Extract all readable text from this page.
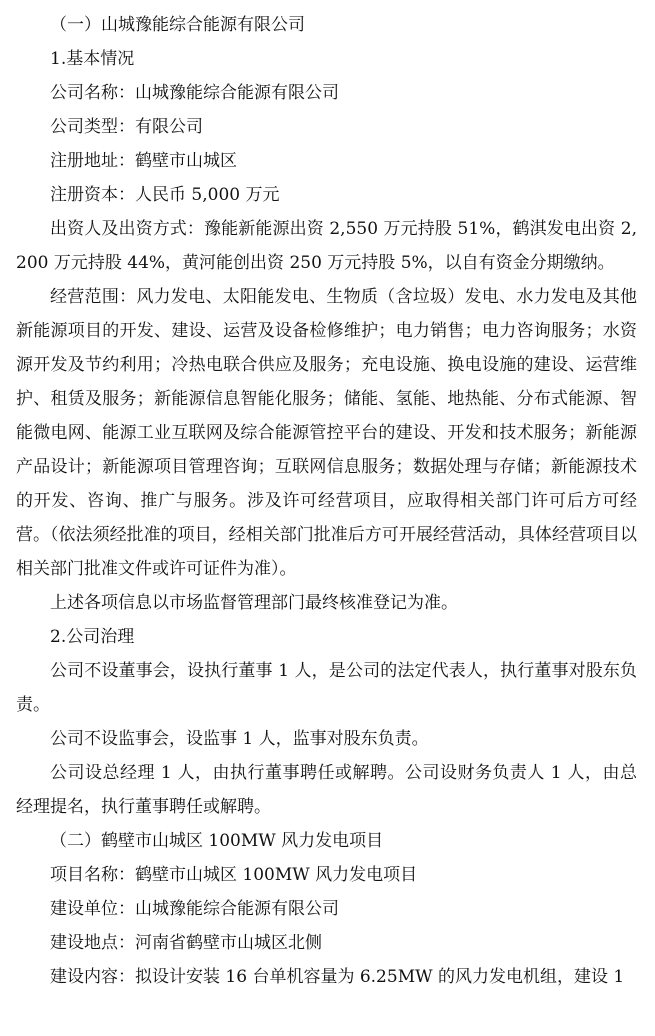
（一）山城豫能综合能源有限公司
1.基本情况
公司名称：山城豫能综合能源有限公司
公司类型：有限公司
注册地址：鹤壁市山城区
注册资本：人民币 5,000 万元

出资人及出资方式：豫能新能源出资 2,550 万元持股 51%，鹤淇发电出资 2,200 万元持股 44%，黄河能创出资 250 万元持股 5%，以自有资金分期缴纳。

经营范围：风力发电、太阳能发电、生物质（含垃圾）发电、水力发电及其他新能源项目的开发、建设、运营及设备检修维护；电力销售；电力咨询服务；水资源开发及节约利用；冷热电联合供应及服务；充电设施、换电设施的建设、运营维护、租赁及服务；新能源信息智能化服务；储能、氢能、地热能、分布式能源、智能微电网、能源工业互联网及综合能源管控平台的建设、开发和技术服务；新能源产品设计；新能源项目管理咨询；互联网信息服务；数据处理与存储；新能源技术的开发、咨询、推广与服务。涉及许可经营项目，应取得相关部门许可后方可经营。（依法须经批准的项目，经相关部门批准后方可开展经营活动，具体经营项目以相关部门批准文件或许可证件为准）。

上述各项信息以市场监督管理部门最终核准登记为准。
2.公司治理

公司不设董事会，设执行董事 1 人，是公司的法定代表人，执行董事对股东负责。

公司不设监事会，设监事 1 人，监事对股东负责。

公司设总经理 1 人，由执行董事聘任或解聘。公司设财务负责人 1 人，由总经理提名，执行董事聘任或解聘。

（二）鹤壁市山城区 100MW 风力发电项目
项目名称：鹤壁市山城区 100MW 风力发电项目
建设单位：山城豫能综合能源有限公司
建设地点：河南省鹤壁市山城区北侧
建设内容：拟设计安装 16 台单机容量为 6.25MW 的风力发电机组，建设 1
